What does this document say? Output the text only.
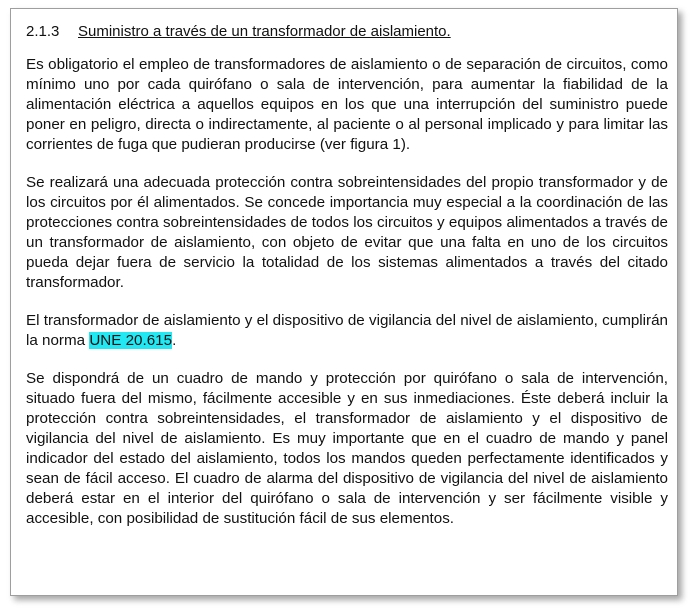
2.1.3 Suministro a través de un transformador de aislamiento.

Es obligatorio el empleo de transformadores de aislamiento o de separación de circuitos, como mínimo uno por cada quirófano o sala de intervención, para aumentar la fiabilidad de la alimentación eléctrica a aquellos equipos en los que una interrupción del suministro puede poner en peligro, directa o indirectamente, al paciente o al personal implicado y para limitar las corrientes de fuga que pudieran producirse (ver figura 1).

Se realizará una adecuada protección contra sobreintensidades del propio transformador y de los circuitos por él alimentados. Se concede importancia muy especial a la coordinación de las protecciones contra sobreintensidades de todos los circuitos y equipos alimentados a través de un transformador de aislamiento, con objeto de evitar que una falta en uno de los circuitos pueda dejar fuera de servicio la totalidad de los sistemas alimentados a través del citado transformador.

El transformador de aislamiento y el dispositivo de vigilancia del nivel de aislamiento, cumplirán la norma UNE 20.615.

Se dispondrá de un cuadro de mando y protección por quirófano o sala de intervención, situado fuera del mismo, fácilmente accesible y en sus inmediaciones. Éste deberá incluir la protección contra sobreintensidades, el transformador de aislamiento y el dispositivo de vigilancia del nivel de aislamiento. Es muy importante que en el cuadro de mando y panel indicador del estado del aislamiento, todos los mandos queden perfectamente identificados y sean de fácil acceso. El cuadro de alarma del dispositivo de vigilancia del nivel de aislamiento deberá estar en el interior del quirófano o sala de intervención y ser fácilmente visible y accesible, con posibilidad de sustitución fácil de sus elementos.
